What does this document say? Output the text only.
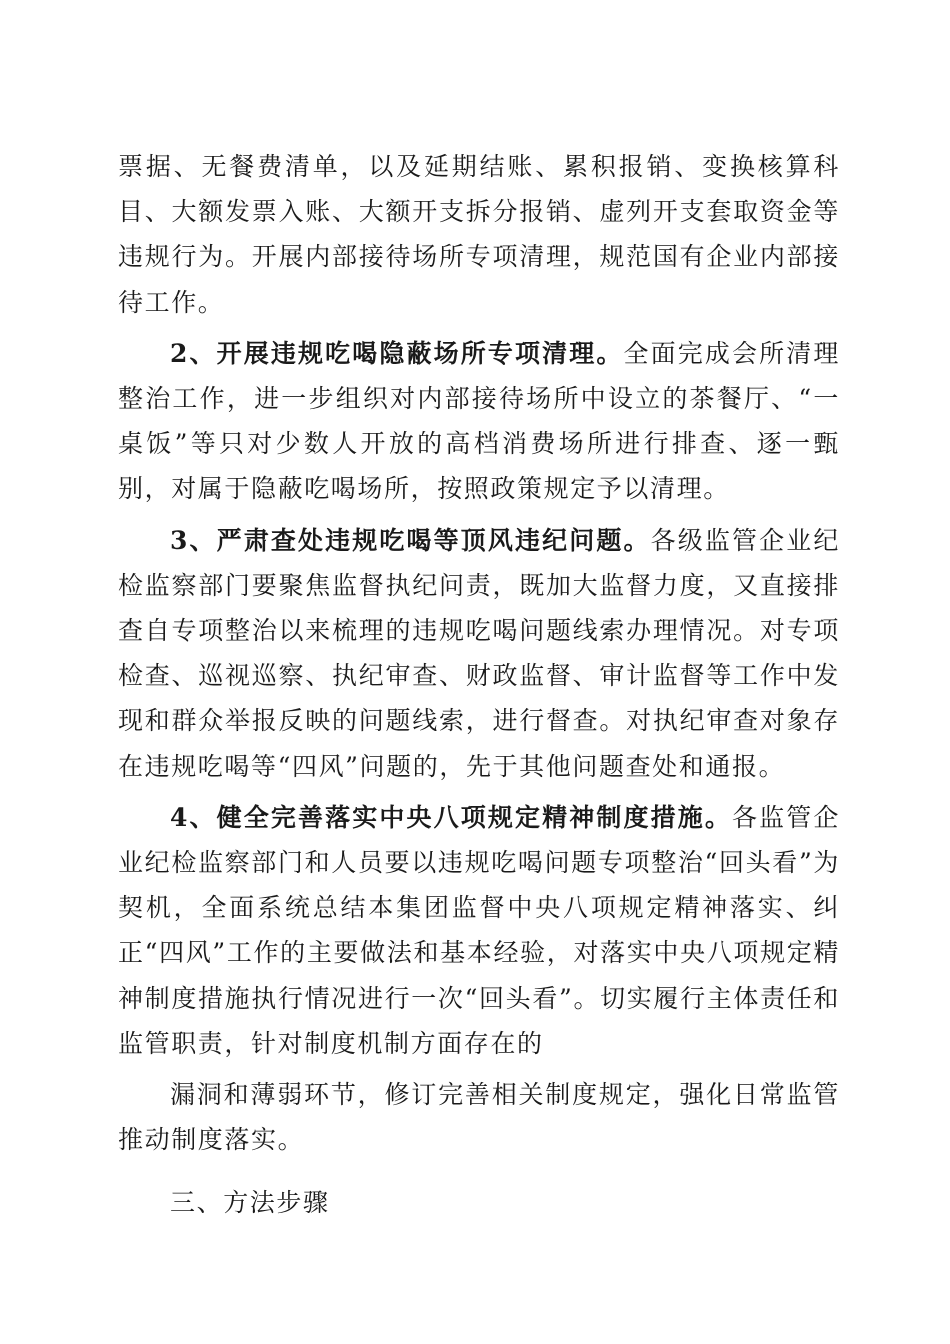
票据、无餐费清单，以及延期结账、累积报销、变换核算科目、大额发票入账、大额开支拆分报销、虚列开支套取资金等违规行为。开展内部接待场所专项清理，规范国有企业内部接待工作。

2、开展违规吃喝隐蔽场所专项清理。全面完成会所清理整治工作，进一步组织对内部接待场所中设立的茶餐厅、“一桌饭”等只对少数人开放的高档消费场所进行排查、逐一甄别，对属于隐蔽吃喝场所，按照政策规定予以清理。

3、严肃查处违规吃喝等顶风违纪问题。各级监管企业纪检监察部门要聚焦监督执纪问责，既加大监督力度，又直接排查自专项整治以来梳理的违规吃喝问题线索办理情况。对专项检查、巡视巡察、执纪审查、财政监督、审计监督等工作中发现和群众举报反映的问题线索，进行督查。对执纪审查对象存在违规吃喝等“四风”问题的，先于其他问题查处和通报。

4、健全完善落实中央八项规定精神制度措施。各监管企业纪检监察部门和人员要以违规吃喝问题专项整治“回头看”为契机，全面系统总结本集团监督中央八项规定精神落实、纠正“四风”工作的主要做法和基本经验，对落实中央八项规定精神制度措施执行情况进行一次“回头看”。切实履行主体责任和监管职责，针对制度机制方面存在的

漏洞和薄弱环节，修订完善相关制度规定，强化日常监管推动制度落实。

三、方法步骤
